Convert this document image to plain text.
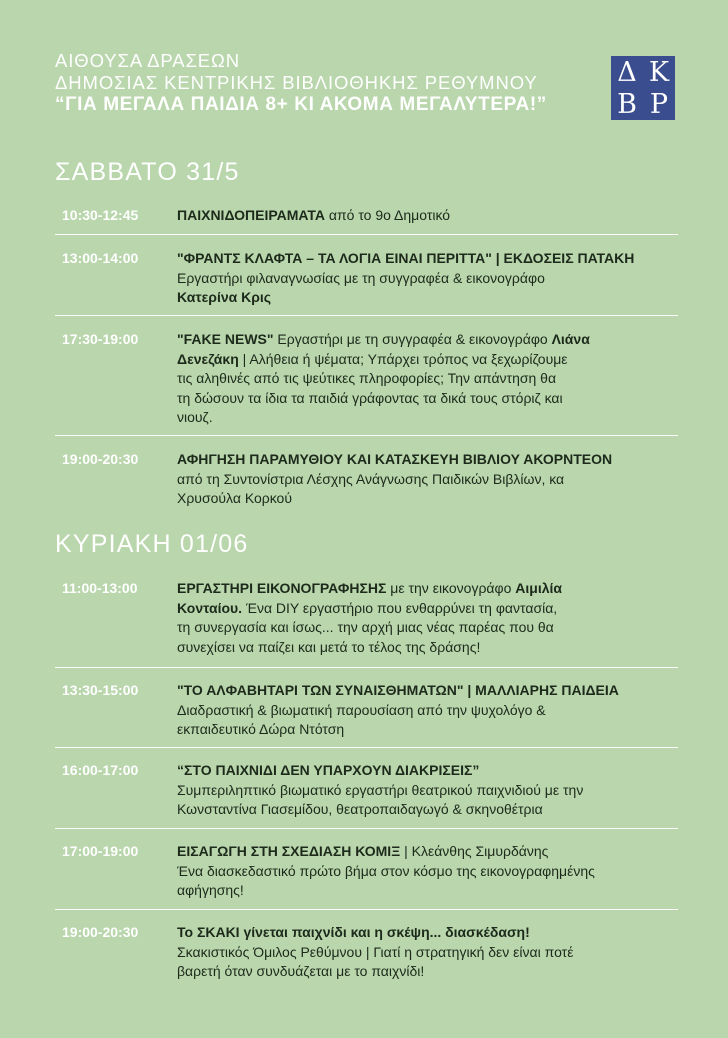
ΑΙΘΟΥΣΑ ΔΡΑΣΕΩΝ
ΔΗΜΟΣΙΑΣ ΚΕΝΤΡΙΚΗΣ ΒΙΒΛΙΟΘΗΚΗΣ ΡΕΘΥΜΝΟΥ
“ΓΙΑ ΜΕΓΑΛΑ ΠΑΙΔΙΑ 8+ ΚΙ ΑΚΟΜΑ ΜΕΓΑΛΥΤΕΡΑ!”
Δ Κ
Β Ρ
ΣΑΒΒΑΤΟ 31/5
10:30-12:45	ΠΑΙΧΝΙΔΟΠΕΙΡΑΜΑΤΑ από το 9ο Δημοτικό
13:00-14:00	"ΦΡΑΝΤΣ ΚΛΑΦΤΑ – ΤΑ ΛΟΓΙΑ ΕΙΝΑΙ ΠΕΡΙΤΤΑ" | ΕΚΔΟΣΕΙΣ ΠΑΤΑΚΗ
Εργαστήρι φιλαναγνωσίας με τη συγγραφέα & εικονογράφο
Κατερίνα Κρις
17:30-19:00	"FAKE NEWS" Εργαστήρι με τη συγγραφέα & εικονογράφο Λιάνα
Δενεζάκη | Αλήθεια ή ψέματα; Υπάρχει τρόπος να ξεχωρίζουμε
τις αληθινές από τις ψεύτικες πληροφορίες; Την απάντηση θα
τη δώσουν τα ίδια τα παιδιά γράφοντας τα δικά τους στόριζ και
νιουζ.
19:00-20:30	ΑΦΗΓΗΣΗ ΠΑΡΑΜΥΘΙΟΥ ΚΑΙ ΚΑΤΑΣΚΕΥΗ ΒΙΒΛΙΟΥ ΑΚΟΡΝΤΕΟΝ
από τη Συντονίστρια Λέσχης Ανάγνωσης Παιδικών Βιβλίων, κα
Χρυσούλα Κορκού
ΚΥΡΙΑΚΗ 01/06
11:00-13:00	ΕΡΓΑΣΤΗΡΙ ΕΙΚΟΝΟΓΡΑΦΗΣΗΣ με την εικονογράφο Αιμιλία
Κονταίου. Ένα DIY εργαστήριο που ενθαρρύνει τη φαντασία,
τη συνεργασία και ίσως... την αρχή μιας νέας παρέας που θα
συνεχίσει να παίζει και μετά το τέλος της δράσης!
13:30-15:00	"ΤΟ ΑΛΦΑΒΗΤΑΡΙ ΤΩΝ ΣΥΝΑΙΣΘΗΜΑΤΩΝ" | ΜΑΛΛΙΑΡΗΣ ΠΑΙΔΕΙΑ
Διαδραστική & βιωματική παρουσίαση από την ψυχολόγο &
εκπαιδευτικό Δώρα Ντότση
16:00-17:00	“ΣΤΟ ΠΑΙΧΝΙΔΙ ΔΕΝ ΥΠΑΡΧΟΥΝ ΔΙΑΚΡΙΣΕΙΣ”
Συμπεριληπτικό βιωματικό εργαστήρι θεατρικού παιχνιδιού με την
Κωνσταντίνα Γιασεμίδου, θεατροπαιδαγωγό & σκηνοθέτρια
17:00-19:00	ΕΙΣΑΓΩΓΗ ΣΤΗ ΣΧΕΔΙΑΣΗ ΚΟΜΙΞ | Κλεάνθης Σιμυρδάνης
Ένα διασκεδαστικό πρώτο βήμα στον κόσμο της εικονογραφημένης
αφήγησης!
19:00-20:30	Το ΣΚΑΚΙ γίνεται παιχνίδι και η σκέψη... διασκέδαση!
Σκακιστικός Όμιλος Ρεθύμνου | Γιατί η στρατηγική δεν είναι ποτέ
βαρετή όταν συνδυάζεται με το παιχνίδι!
